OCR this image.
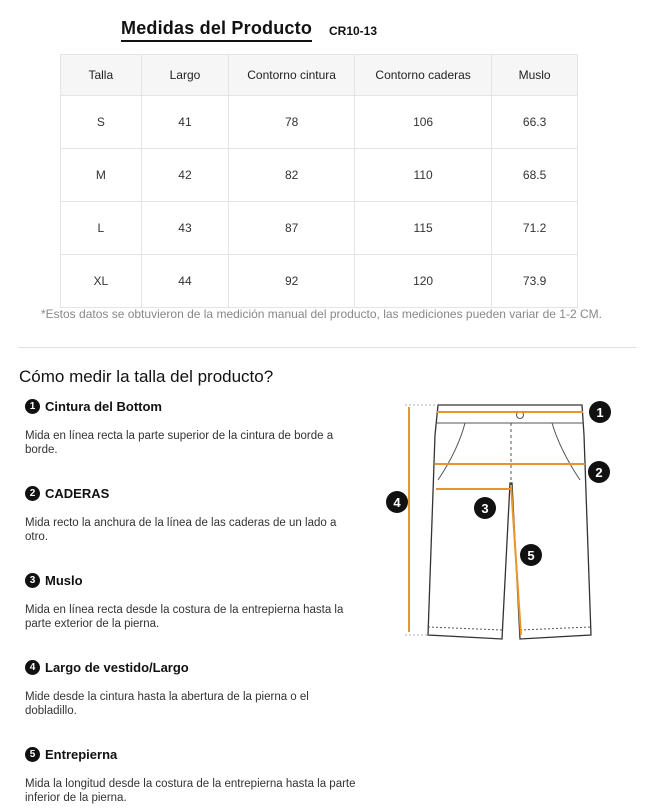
Medidas del Producto CR10-13
Talla	Largo	Contorno cintura	Contorno caderas	Muslo
S	41	78	106	66.3
M	42	82	110	68.5
L	43	87	115	71.2
XL	44	92	120	73.9
*Estos datos se obtuvieron de la medición manual del producto, las mediciones pueden variar de 1-2 CM.
Cómo medir la talla del producto?
1 Cintura del Bottom
Mida en línea recta la parte superior de la cintura de borde a borde.
2 CADERAS
Mida recto la anchura de la línea de las caderas de un lado a otro.
3 Muslo
Mida en línea recta desde la costura de la entrepierna hasta la parte exterior de la pierna.
4 Largo de vestido/Largo
Mide desde la cintura hasta la abertura de la pierna o el dobladillo.
5 Entrepierna
Mida la longitud desde la costura de la entrepierna hasta la parte inferior de la pierna.
1
2
3
4
5
